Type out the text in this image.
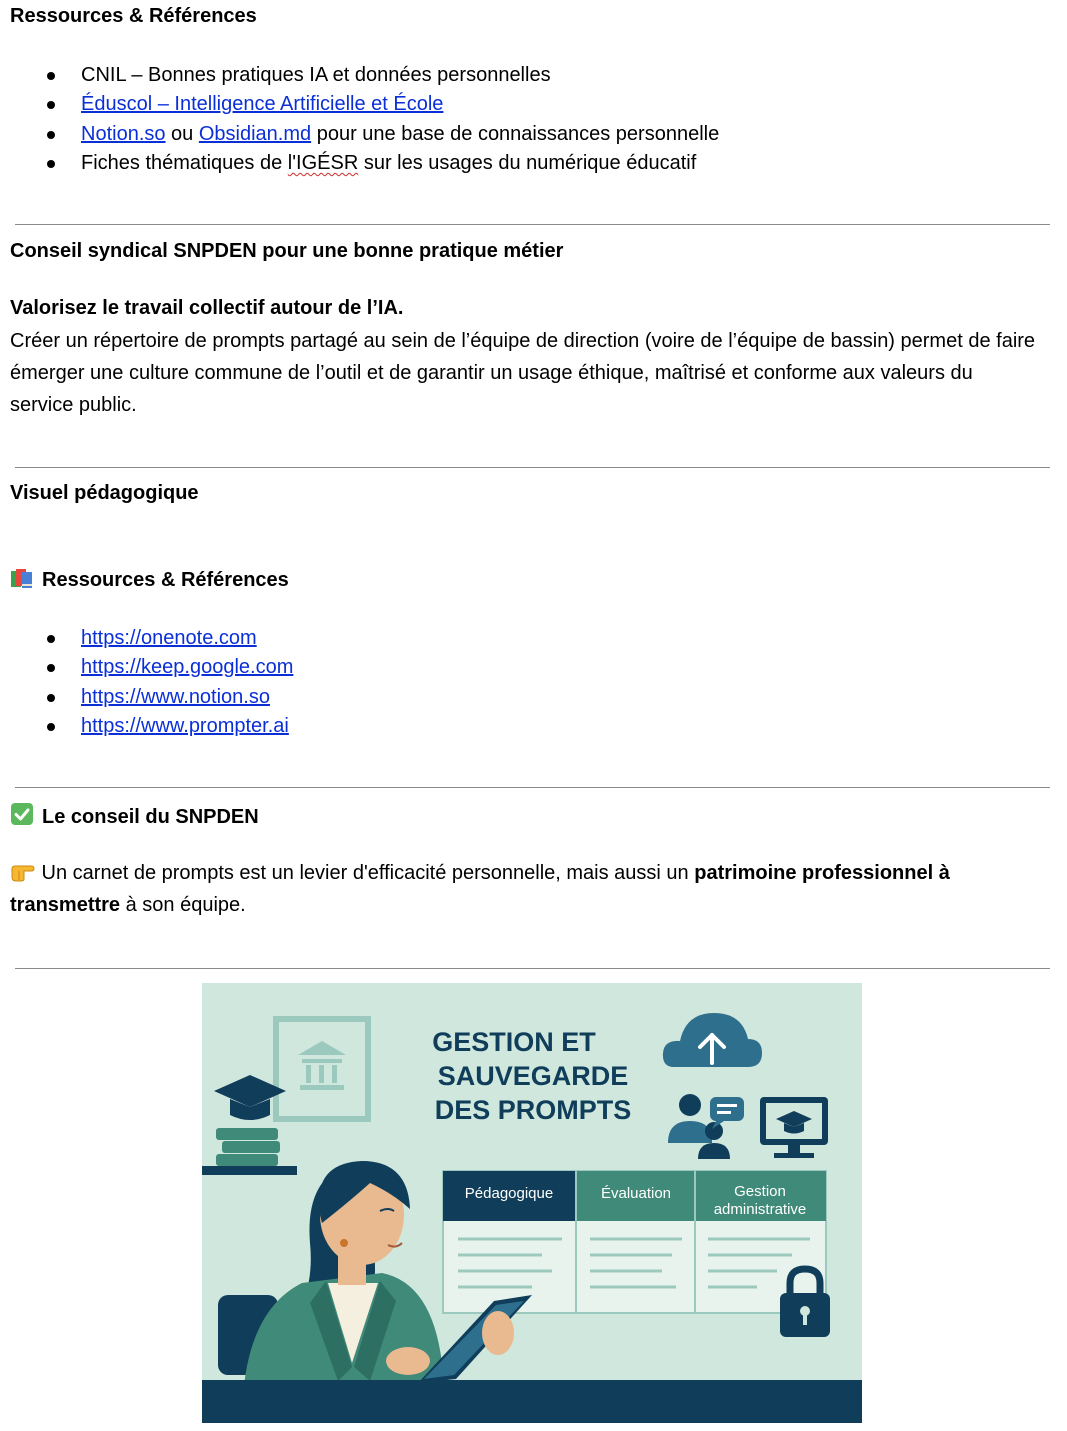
Ressources & Références
CNIL – Bonnes pratiques IA et données personnelles
Éduscol – Intelligence Artificielle et École
Notion.so ou Obsidian.md pour une base de connaissances personnelle
Fiches thématiques de l'IGÉSR sur les usages du numérique éducatif
Conseil syndical SNPDEN pour une bonne pratique métier
Valorisez le travail collectif autour de l’IA.

Créer un répertoire de prompts partagé au sein de l’équipe de direction (voire de l’équipe de bassin) permet de faire émerger une culture commune de l’outil et de garantir un usage éthique, maîtrisé et conforme aux valeurs du service public.

Visuel pédagogique
Ressources & Références
https://onenote.com
https://keep.google.com
https://www.notion.so
https://www.prompter.ai
Le conseil du SNPDEN

Un carnet de prompts est un levier d'efficacité personnelle, mais aussi un patrimoine professionnel à transmettre à son équipe.

GESTION ET
SAUVEGARDE
DES PROMPTS
Pédagogique	Évaluation	Gestion
administrative
